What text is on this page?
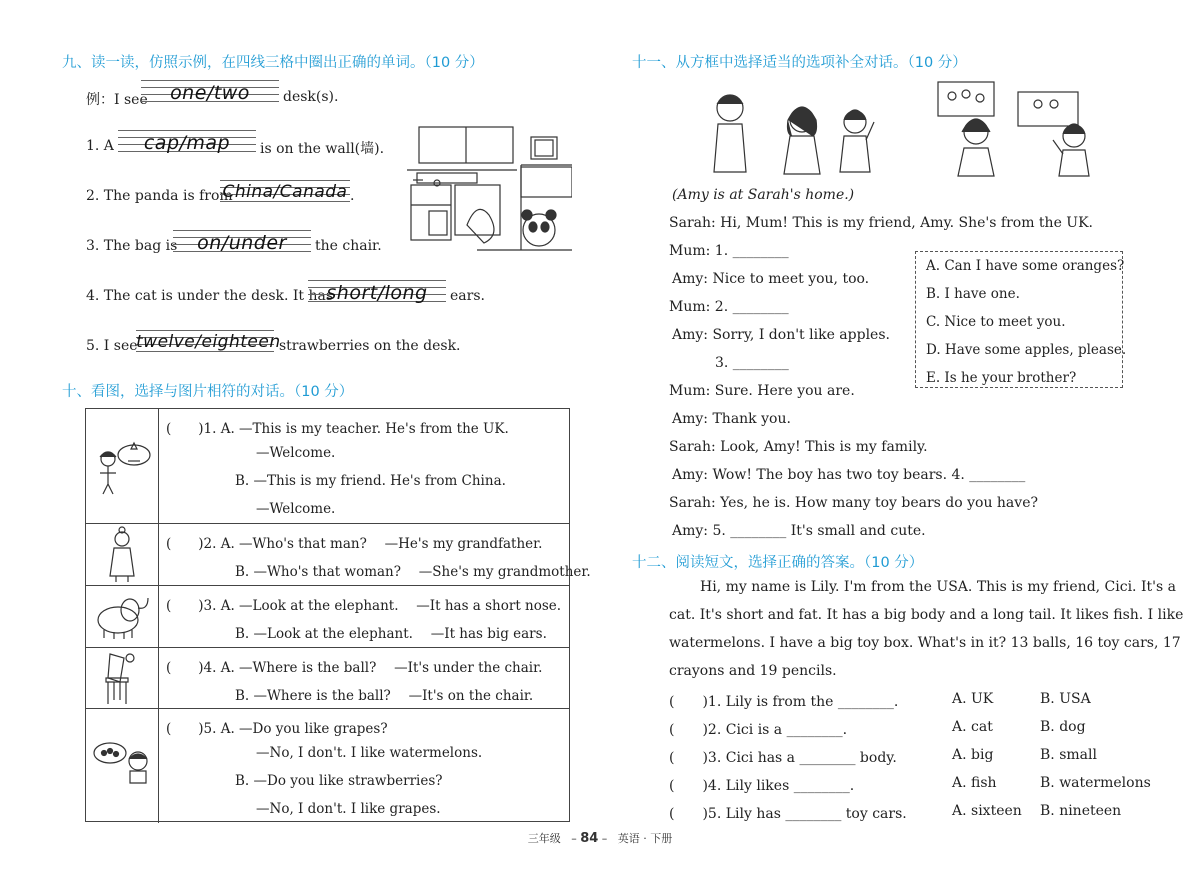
九、读一读，仿照示例，在四线三格中圈出正确的单词。（10 分）
例：I see	one/two	desk(s).
1. A	cap/map	is on the wall(墙).
2. The panda is from
China/Canada .
3. The bag is	on/under	the chair.
4. The cat is under the desk. It has
short/long	ears.
5. I see
twelve/eighteen
strawberries on the desk.
十、看图，选择与图片相符的对话。（10 分）
(　　)1. A. —This is my teacher. He's from the UK.
—Welcome.
B. —This is my friend. He's from China.
—Welcome.
(　　)2. A. —Who's that man?　 —He's my grandfather.
B. —Who's that woman?　 —She's my grandmother.
(　　)3. A. —Look at the elephant.　 —It has a short nose.
B. —Look at the elephant.　 —It has big ears.
(　　)4. A. —Where is the ball?　 —It's under the chair.
B. —Where is the ball?　 —It's on the chair.
(　　)5. A. —Do you like grapes?
—No, I don't. I like watermelons.
B. —Do you like strawberries?
—No, I don't. I like grapes.
十一、从方框中选择适当的选项补全对话。（10 分）
(Amy is at Sarah's home.)
Sarah: Hi, Mum! This is my friend, Amy. She's from the UK.
Mum: 1. ________
Amy: Nice to meet you, too.
Mum: 2. ________
Amy: Sorry, I don't like apples.
3. ________
Mum: Sure. Here you are.
Amy: Thank you.
Sarah: Look, Amy! This is my family.
Amy: Wow! The boy has two toy bears. 4. ________
Sarah: Yes, he is. How many toy bears do you have?
Amy: 5. ________ It's small and cute.
A. Can I have some oranges?
B. I have one.
C. Nice to meet you.
D. Have some apples, please.
E. Is he your brother?
十二、阅读短文，选择正确的答案。（10 分）
Hi, my name is Lily. I'm from the USA. This is my friend, Cici. It's a
cat. It's short and fat. It has a big body and a long tail. It likes fish. I like
watermelons. I have a big toy box. What's in it? 13 balls, 16 toy cars, 17
crayons and 19 pencils.
(　　)1. Lily is from the ________.	A. UK	B. USA
(　　)2. Cici is a ________.	A. cat	B. dog
(　　)3. Cici has a ________ body.	A. big	B. small
(　　)4. Lily likes ________.	A. fish	B. watermelons
(　　)5. Lily has ________ toy cars.	A. sixteen B. nineteen
三年级   – 84 –   英语 · 下册
